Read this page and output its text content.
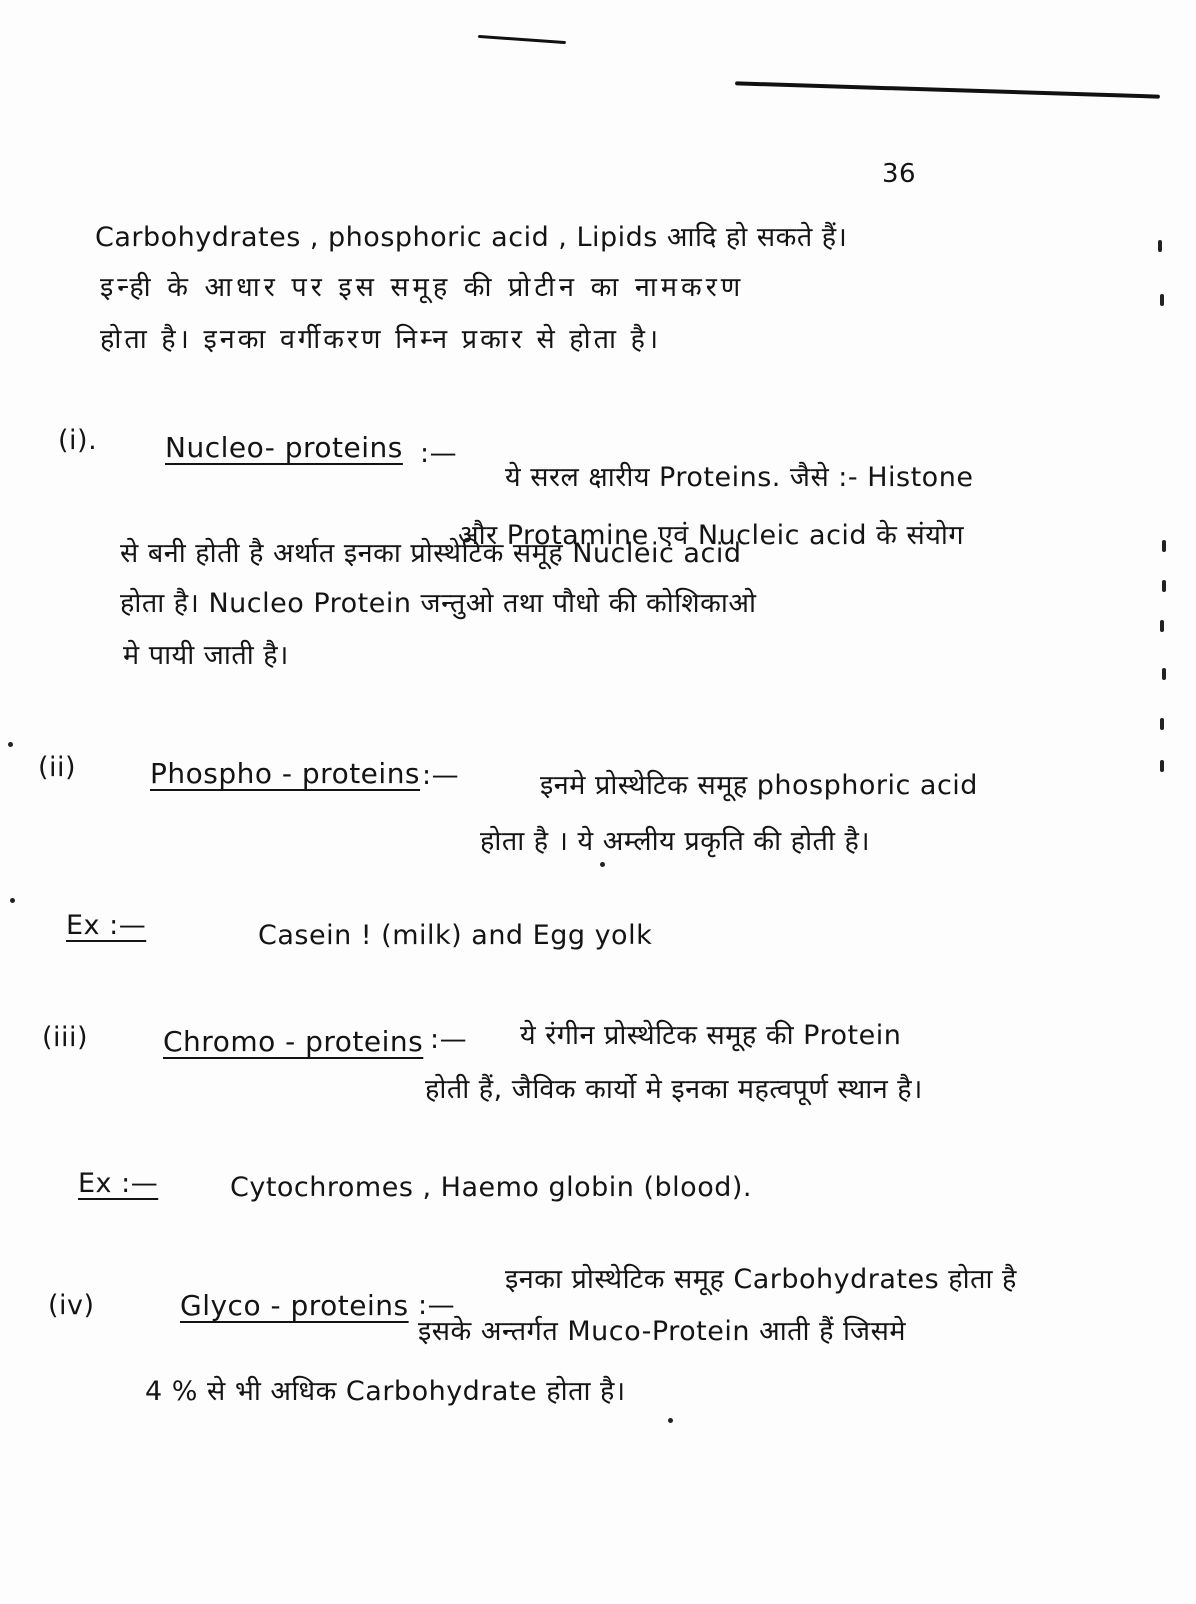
36
Carbohydrates , phosphoric acid , Lipids आदि हो सकते हैं।
इन्ही के आधार पर इस समूह की प्रोटीन का नामकरण
होता है। इनका वर्गीकरण निम्न प्रकार से होता है।
(i). Nucleo- proteins :—
ये सरल क्षारीय Proteins. जैसे :- Histone
और Protamine एवं Nucleic acid के संयोग
से बनी होती है अर्थात इनका प्रोस्थेटिक समूह Nucleic acid
होता है। Nucleo Protein जन्तुओ तथा पौधो की कोशिकाओ
मे पायी जाती है।
(ii)	Phospho - proteins :—	इनमे प्रोस्थेटिक समूह phosphoric acid
होता है । ये अम्लीय प्रकृति की होती है।
Ex :—	Casein ! (milk) and Egg yolk
(iii)	Chromo - proteins :— ये रंगीन प्रोस्थेटिक समूह की Protein
होती हैं, जैविक कार्यो मे इनका महत्वपूर्ण स्थान है।
Ex :—	Cytochromes , Haemo globin (blood).
(iv)	Glyco - proteins :—
इनका प्रोस्थेटिक समूह Carbohydrates होता है
इसके अन्तर्गत Muco-Protein आती हैं जिसमे
4 % से भी अधिक Carbohydrate होता है।
